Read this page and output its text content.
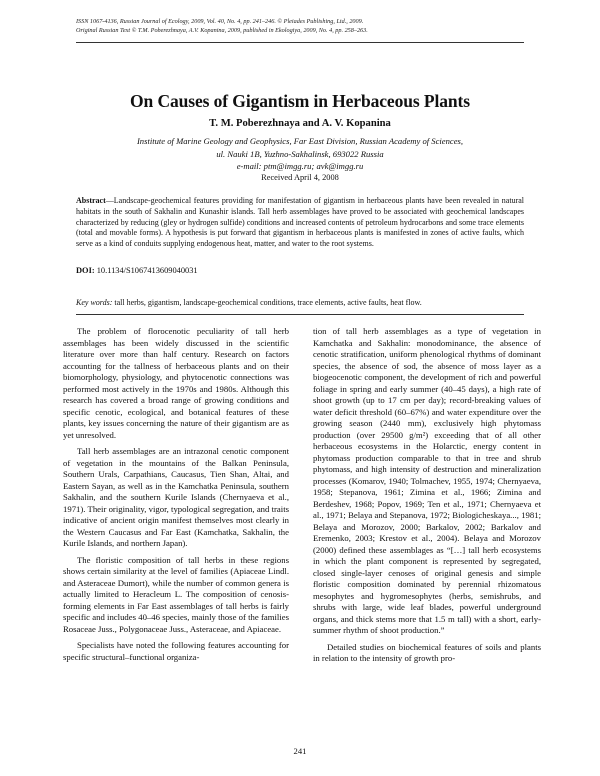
ISSN 1067-4136, Russian Journal of Ecology, 2009, Vol. 40, No. 4, pp. 241–246. © Pleiades Publishing, Ltd., 2009.
Original Russian Text © T.M. Poberezhnaya, A.V. Kopanina, 2009, published in Ekologiya, 2009, No. 4, pp. 258–263.
On Causes of Gigantism in Herbaceous Plants
T. M. Poberezhnaya and A. V. Kopanina
Institute of Marine Geology and Geophysics, Far East Division, Russian Academy of Sciences,
ul. Nauki 1B, Yuzhno-Sakhalinsk, 693022 Russia
e-mail: ptm@imgg.ru; avk@imgg.ru
Received April 4, 2008
Abstract—Landscape-geochemical features providing for manifestation of gigantism in herbaceous plants have been revealed in natural habitats in the south of Sakhalin and Kunashir islands. Tall herb assemblages have proved to be associated with geochemical landscapes characterized by reducing (gley or hydrogen sulfide) conditions and increased contents of petroleum hydrocarbons and some trace elements (total and movable forms). A hypothesis is put forward that gigantism in herbaceous plants is manifested in zones of active faults, which serve as a kind of conduits supplying endogenous heat, matter, and water to the root systems.
DOI: 10.1134/S1067413609040031
Key words: tall herbs, gigantism, landscape-geochemical conditions, trace elements, active faults, heat flow.

The problem of florocenotic peculiarity of tall herb assemblages has been widely discussed in the scientific literature over more than half century. Research on factors accounting for the tallness of herbaceous plants and on their biomorphology, physiology, and phytocenotic connections was performed most actively in the 1970s and 1980s. Although this research has covered a broad range of growing conditions and specific cenotic, ecological, and botanical features of these plants, key issues concerning the nature of their gigantism are as yet unresolved.

Tall herb assemblages are an intrazonal cenotic component of vegetation in the mountains of the Balkan Peninsula, Southern Urals, Carpathians, Caucasus, Tien Shan, Altai, and Eastern Sayan, as well as in the Kamchatka Peninsula, southern Sakhalin, and the southern Kurile Islands (Chernyaeva et al., 1971). Their originality, vigor, typological segregation, and traits indicative of ancient origin manifest themselves most clearly in the Western Caucasus and Far East (Kamchatka, Sakhalin, the Kurile Islands, and northern Japan).

The floristic composition of tall herbs in these regions shows certain similarity at the level of families (Apiaceae Lindl. and Asteraceae Dumort), while the number of common genera is actually limited to Heracleum L. The composition of cenosis-forming elements in Far East assemblages of tall herbs is fairly specific and includes 40–46 species, mainly those of the families Rosaceae Juss., Polygonaceae Juss., Asteraceae, and Apiaceae.

Specialists have noted the following features accounting for specific structural–functional organiza-

tion of tall herb assemblages as a type of vegetation in Kamchatka and Sakhalin: monodominance, the absence of cenotic stratification, uniform phenological rhythms of dominant species, the absence of sod, the absence of moss layer as a biogeocenotic component, the development of rich and powerful foliage in spring and early summer (40–45 days), a high rate of shoot growth (up to 17 cm per day); record-breaking values of water deficit threshold (60–67%) and water expenditure over the growing season (2440 mm), exclusively high phytomass production (over 29500 g/m²) exceeding that of all other herbaceous ecosystems in the Holarctic, energy content in phytomass production comparable to that in tree and shrub phytomass, and high intensity of destruction and mineralization processes (Komarov, 1940; Tolmachev, 1955, 1974; Chernyaeva, 1958; Stepanova, 1961; Zimina et al., 1966; Zimina and Berdeshev, 1968; Popov, 1969; Ten et al., 1971; Chernyaeva et al., 1971; Belaya and Stepanova, 1972; Biologicheskaya..., 1981; Belaya and Morozov, 2000; Barkalov, 2002; Barkalov and Eremenko, 2003; Krestov et al., 2004). Belaya and Morozov (2000) defined these assemblages as “[…] tall herb ecosystems in which the plant component is represented by segregated, closed single-layer cenoses of original genesis and simple floristic composition dominated by perennial rhizomatous mesophytes and hygromesophytes (herbs, semishrubs, and shrubs with large, wide leaf blades, powerful underground organs, and thick stems more that 1.5 m tall) with a short, early-summer rhythm of shoot production.”

Detailed studies on biochemical features of soils and plants in relation to the intensity of growth pro-

241
